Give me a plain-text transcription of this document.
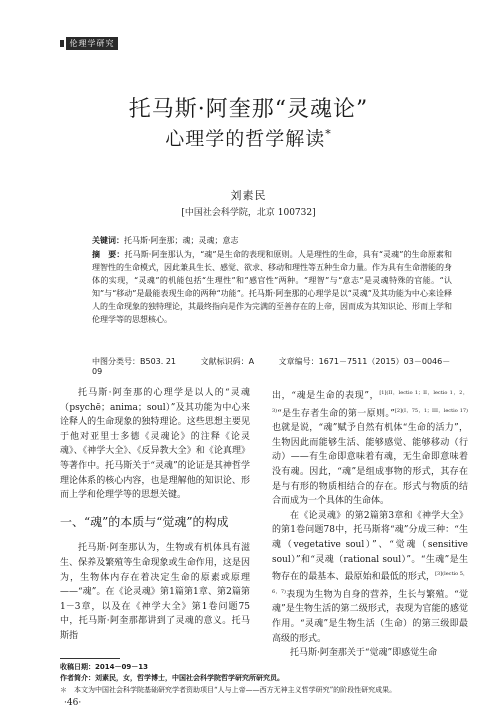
伦理学研究
托马斯·阿奎那“灵魂论”
心理学的哲学解读*
刘素民
[中国社会科学院，北京 100732]
关键词：托马斯·阿奎那；魂；灵魂；意志
摘　要：托马斯·阿奎那认为，“魂”是生命的表现和原则。人是理性的生命，具有“灵魂”的生命原素和理智性的生命模式，因此兼具生长、感觉、欲求、移动和理性等五种生命力量。作为具有生命潜能的身体的实现，“灵魂”的机能包括“生理性”和“感官性”两种。“理智”与“意志”是灵魂特殊的官能。“认知”与“移动”是最能表现生命的两种“功能”。托马斯·阿奎那的心理学是以“灵魂”及其功能为中心来诠释人的生命现象的独特理论，其最终指向是作为完满的至善存在的上帝，因而成为其知识论、形而上学和伦理学等的思想核心。
中图分类号：B503. 21	文献标识码：A	文章编号：1671－7511（2015）03－0046－09

托马斯·阿奎那的心理学是以人的“灵魂（psychē；anima；soul）”及其功能为中心来诠释人的生命现象的独特理论。这些思想主要见于他对亚里士多德《灵魂论》的注释《论灵魂》、《神学大全》、《反异教大全》和《论真理》等著作中。托马斯关于“灵魂”的论证是其神哲学理论体系的核心内容，也是理解他的知识论、形而上学和伦理学等的思想关键。

一、“魂”的本质与“觉魂”的构成

托马斯·阿奎那认为，生物或有机体具有滋生、保养及繁殖等生命现象或生命作用，这是因为，生物体内存在着决定生命的原素或原理——“魂”。在《论灵魂》第1篇第1章、第2篇第1－3章，以及在《神学大全》第1卷问题75中，托马斯·阿奎那都讲到了灵魂的意义。托马斯指

出，“魂是生命的表现”，$^{[1](II,lectio 1;II,lectio 1,2,3)}$“是生存者生命的第一原则。”$^{[2](I,75,1;III,lectio 17)}$也就是说，“魂”赋予自然有机体“生命的活力”，生物因此而能够生活、能够感觉、能够移动（行动）——有生命即意味着有魂，无生命即意味着没有魂。因此，“魂”是组成事物的形式，其存在是与有形的物质相结合的存在。形式与物质的结合而成为一个具体的生命体。

在《论灵魂》的第2篇第3章和《神学大全》的第1卷问题78中，托马斯将“魂”分成三种：“生魂（vegetative soul）”、“觉魂（sensitive soul）”和“灵魂（rational soul）”。“生魂”是生物存在的最基本、最原始和最低的形式，$^{[3](lectio 5,6,7)}$表现为生物为自身的营养，生长与繁殖。“觉魂”是生物生活的第二级形式，表现为官能的感觉作用。“灵魂”是生物生活（生命）的第三级即最高级的形式。

托马斯·阿奎那关于“觉魂”即感觉生命

收稿日期：2014－09－13
作者简介：刘素民，女，哲学博士，中国社会科学院哲学研究所研究员。
＊　本文为中国社会科学院基础研究学者资助项目“人与上帝——西方无神主义哲学研究”的阶段性研究成果。
·46·
